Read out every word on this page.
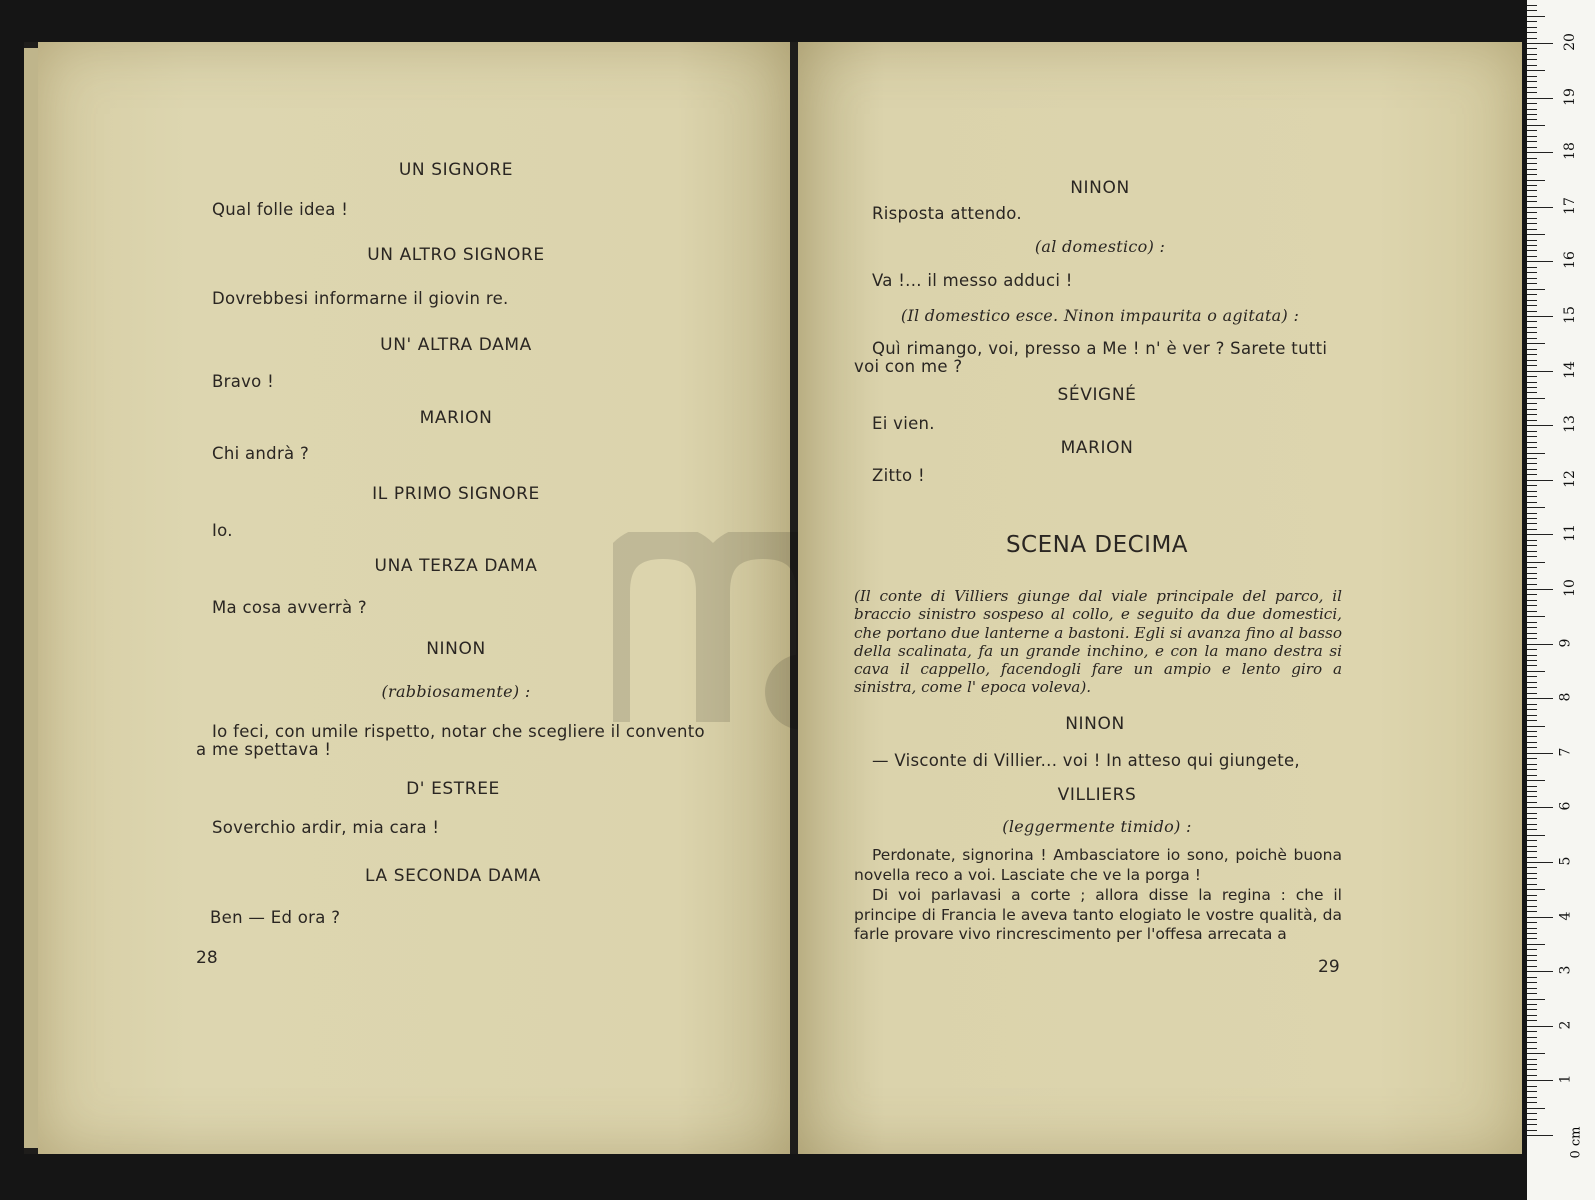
UN SIGNORE

Qual folle idea !

UN ALTRO SIGNORE

Dovrebbesi informarne il giovin re.

UN' ALTRA DAMA

Bravo !

MARION

Chi andrà ?

IL PRIMO SIGNORE

Io.

UNA TERZA DAMA

Ma cosa avverrà ?

NINON

(rabbiosamente) :

Io feci, con umile rispetto, notar che scegliere il convento

a me spettava !

D' ESTREE

Soverchio ardir, mia cara !

LA SECONDA DAMA

Ben — Ed ora ?

28

NINON

Risposta attendo.

(al domestico) :

Va !... il messo adduci !

(Il domestico esce. Ninon impaurita o agitata) :

Quì rimango, voi, presso a Me ! n' è ver ? Sarete tutti

voi con me ?

SÉVIGNÉ

Ei vien.

MARION

Zitto !

SCENA DECIMA

(Il conte di Villiers giunge dal viale principale del parco, il braccio sinistro sospeso al collo, e seguito da due domestici, che portano due lanterne a bastoni. Egli si avanza fino al basso della scalinata, fa un grande inchino, e con la mano destra si cava il cappello, facendogli fare un ampio e lento giro a sinistra, come l' epoca voleva).

NINON

— Visconte di Villier... voi ! In atteso qui giungete,

VILLIERS

(leggermente timido) :

Perdonate, signorina ! Ambasciatore io sono, poichè buona novella reco a voi. Lasciate che ve la porga !

Di voi parlavasi a corte ; allora disse la regina : che il principe di Francia le aveva tanto elogiato le vostre qualità, da farle provare vivo rincrescimento per l'offesa arrecata a

29

1
2
3
4
5
6
7
8
9
10
11
12
13
14
15
16
17
18
19
20
0 cm
